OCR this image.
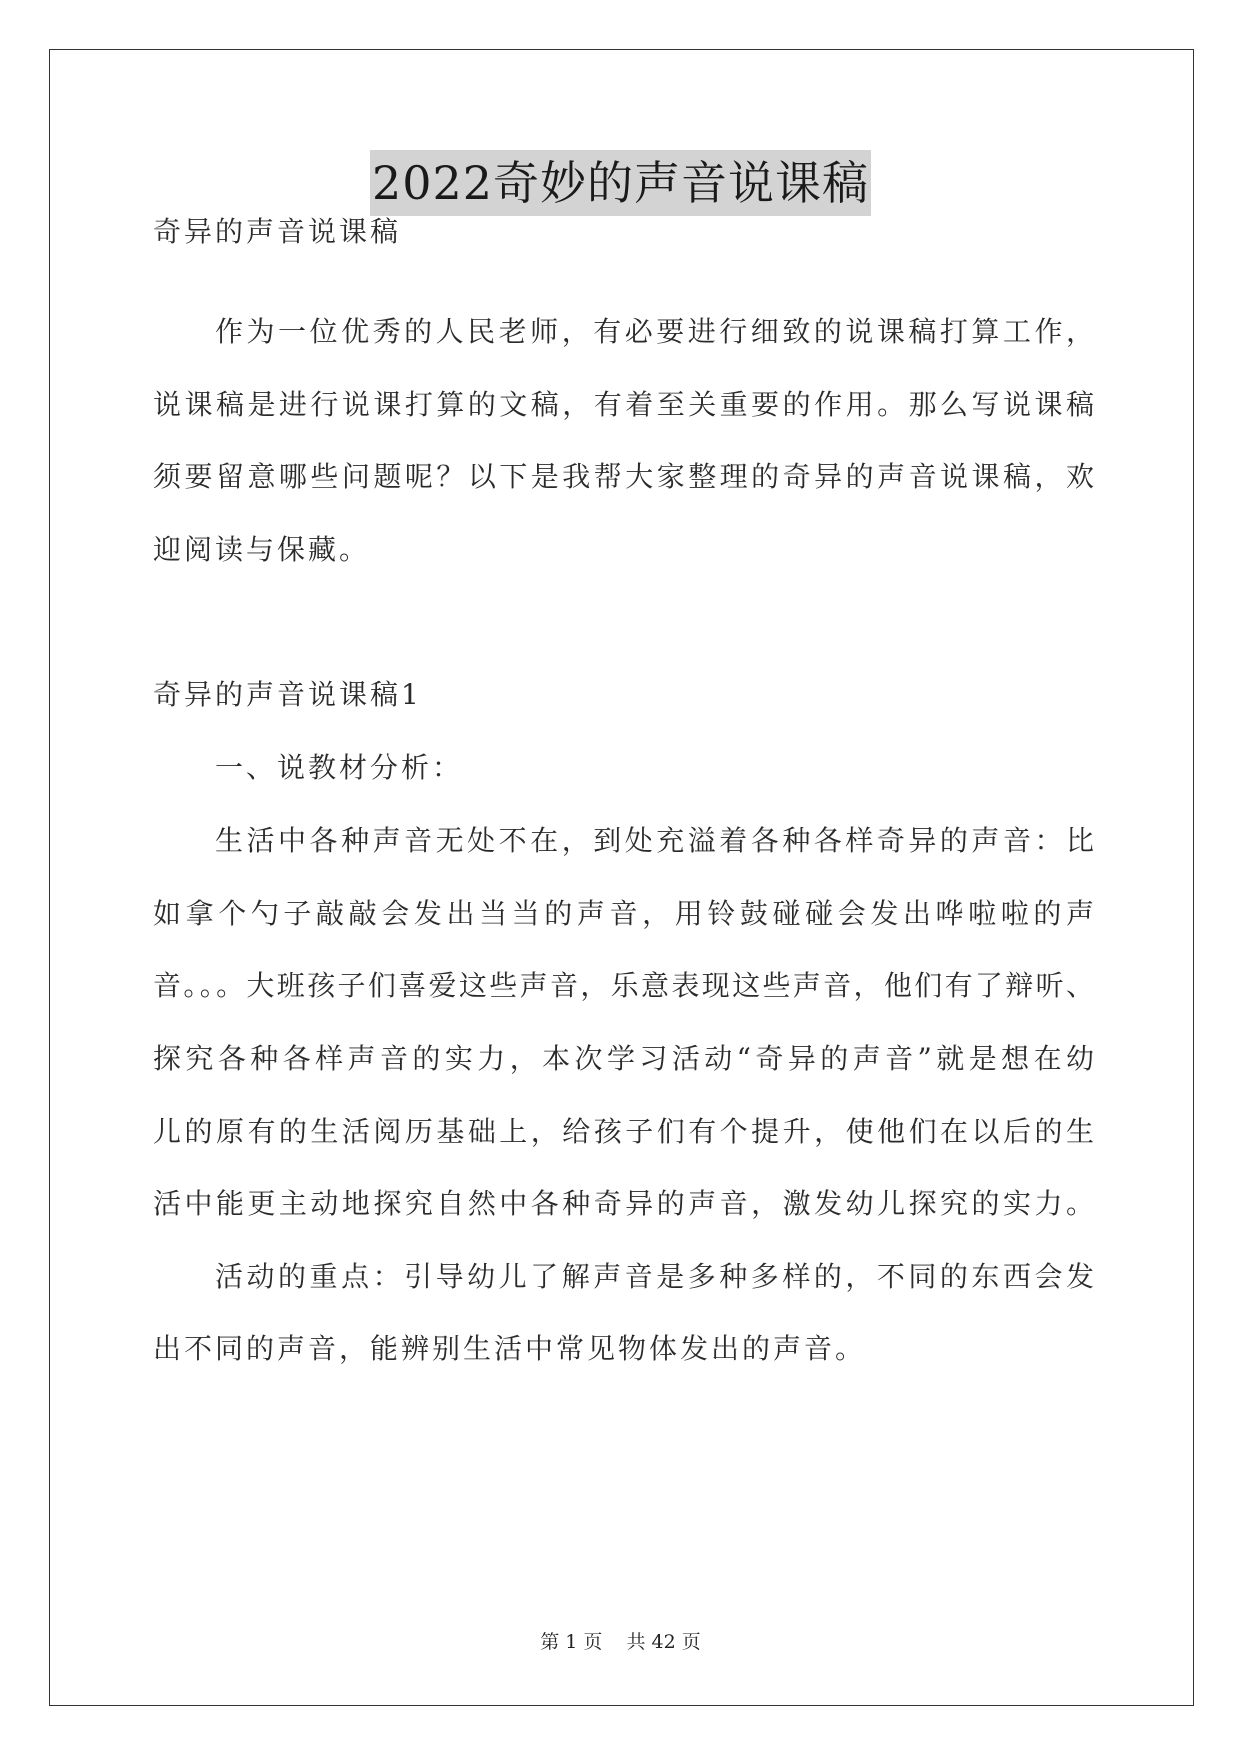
2022奇妙的声音说课稿
奇异的声音说课稿
作为一位优秀的人民老师，有必要进行细致的说课稿打算工作，
说课稿是进行说课打算的文稿，有着至关重要的作用。那么写说课稿
须要留意哪些问题呢？以下是我帮大家整理的奇异的声音说课稿，欢
迎阅读与保藏。
奇异的声音说课稿1
一、说教材分析：
生活中各种声音无处不在，到处充溢着各种各样奇异的声音：比
如拿个勺子敲敲会发出当当的声音，用铃鼓碰碰会发出哗啦啦的声
音。。。大班孩子们喜爱这些声音，乐意表现这些声音，他们有了辩听、
探究各种各样声音的实力，本次学习活动“奇异的声音”就是想在幼
儿的原有的生活阅历基础上，给孩子们有个提升，使他们在以后的生
活中能更主动地探究自然中各种奇异的声音，激发幼儿探究的实力。
活动的重点：引导幼儿了解声音是多种多样的，不同的东西会发
出不同的声音，能辨别生活中常见物体发出的声音。
第 1 页 共 42 页
